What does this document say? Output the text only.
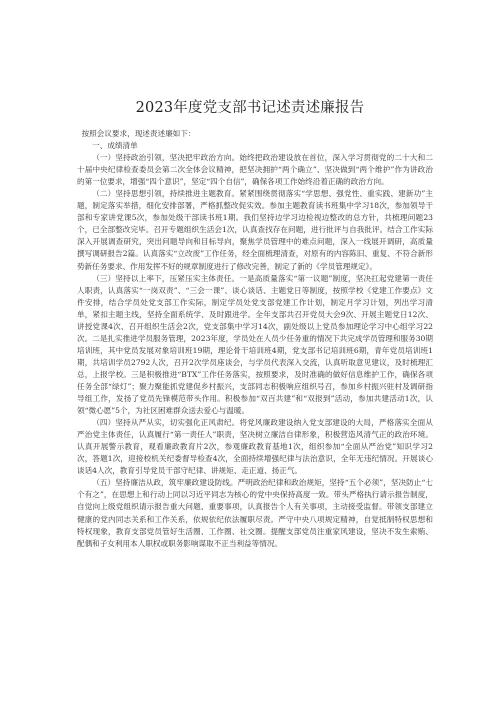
2023年度党支部书记述责述廉报告

按照会议要求，现述责述廉如下：

一、成绩清单

（一）坚持政治引领，坚决把牢政治方向。始终把政治建设放在首位，深入学习贯彻党的二十大和二十届中央纪律检查委员会第二次全体会议精神，把坚决拥护“两个确立”、坚决做到“两个维护”作为讲政治的第一位要求，增强“四个意识”，坚定“四个自信”，确保各项工作始终沿着正确的政治方向。

（二）坚持思想引领，持续推进主题教育。紧紧围绕贯彻落实“学思想、强党性、重实践、建新功”主题，制定落实举措，细化安排部署，严格抓整改促实效。参加主题教育读书班集中学习18次，参加领导干部和专家讲党课5次，参加处级干部读书班1期。我们坚持边学习边检视边整改的总方针，共梳理问题23个，已全部整改完毕。召开专题组织生活会1次，认真查找存在问题，进行批评与自我批评。结合工作实际深入开展调查研究，突出问题导向和目标导向，聚焦学员管理中的难点问题，深入一线展开调研，高质量撰写调研报告2篇。认真落实“立改废”工作任务，经全面梳理清查，对原有的内容陈旧、重复、不符合新形势新任务要求、作用发挥不好的规章制度进行了修改完善，制定了新的《学员管理规定》。

（三）坚持以上率下，压紧压实主体责任。一是高质量落实“第一议题”制度，坚决扛起党建第一责任人职责，认真落实“一岗双责”、“三会一课”、谈心谈话、主题党日等制度，按照学校《党建工作要点》文件安排，结合学员处党支部工作实际，制定学员处党支部党建工作计划，制定月学习计划，列出学习清单，紧扣主题主线，坚持全面系统学、及时跟进学。全年支部共召开党员大会9次、开展主题党日12次、讲授党课4次、召开组织生活会2次，党支部集中学习14次，副处级以上党员参加理论学习中心组学习22次。二是扎实推进学员服务管理，2023年度，学员处在人员少任务重的情况下共完成学员管理和服务30期培训班，其中党员发展对象培训班19期，理论骨干培训班4期，党支部书记培训班6期，青年党员培训班1期，共培训学员2792人次，召开2次学员座谈会，与学员代表深入交流，认真听取意见建议，及时梳理汇总，上报学校。三是积极推进“BTX”工作任务落实，按照要求，及时准确的做好信息维护工作，确保各项任务全部“绿灯”；聚力聚能抓党建促乡村振兴，支部同志积极响应组织号召，参加乡村振兴驻村及调研指导组工作，发扬了党员先锋模范带头作用。积极参加“双百共建”和“双报到”活动，参加共建活动1次，认领“微心愿”5个，为社区困难群众送去爱心与温暖。

（四）坚持从严从实，切实强化正风肃纪。将党风廉政建设纳入党支部建设的大局，严格落实全面从严治党主体责任，认真履行“第一责任人”职责，坚决树立廉洁自律形象，积极营造风清气正的政治环境。认真开展警示教育，观看廉政教育片2次，参观廉政教育基地1次，组织参加“全面从严治党”知识学习2次，答题1次，迎接校机关纪委督导检查4次，全面持续增强纪律与法治意识，全年无违纪情况。开展谈心谈话4人次，教育引导党员干部守纪律、讲规矩、走正道、扬正气。

（五）坚持廉洁从政，筑牢廉政建设防线。严明政治纪律和政治规矩，坚持“五个必须”，坚决防止“七个有之”，在思想上和行动上同以习近平同志为核心的党中央保持高度一致。带头严格执行请示报告制度，自觉向上级党组织请示报告重大问题、重要事项，认真报告个人有关事项，主动接受监督。带领支部建立健康的党内同志关系和工作关系，依规依纪依法履职尽责。严守中央八项规定精神，自觉抵制特权思想和特权现象，教育支部党员管好生活圈、工作圈、社交圈。提醒支部党员注重家风建设，坚决不发生索贿、配偶和子女利用本人职权或职务影响谋取不正当利益等情况。
